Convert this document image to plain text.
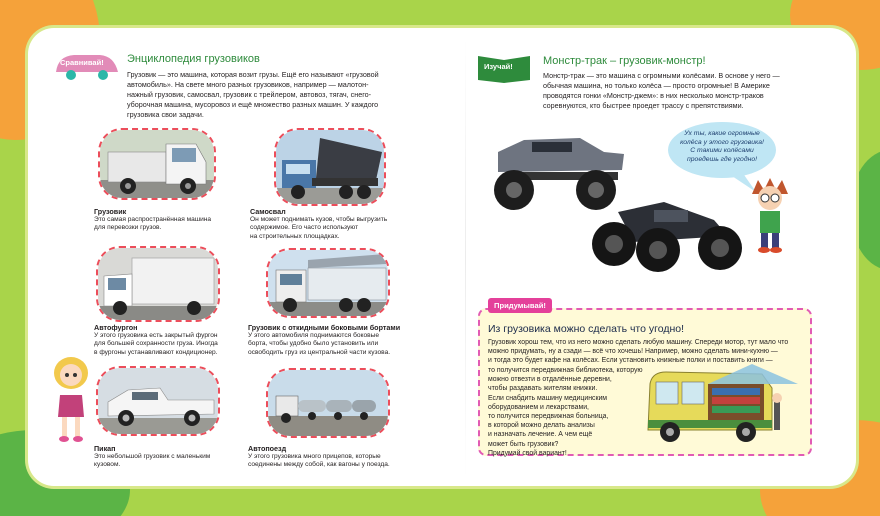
Сравнивай! Энциклопедия грузовиков
Грузовик — это машина, которая возит грузы. Ещё его называют «грузовой
автомобиль». На свете много разных грузовиков, например — малотон-
нажный грузовик, самосвал, грузовик с трейлером, автовоз, тягач, снего-
уборочная машина, мусоровоз и ещё множество разных машин. У каждого
грузовика свои задачи.
Грузовик
Это самая распространённая машина
для перевозки грузов.
Самосвал
Он может поднимать кузов, чтобы выгрузить
содержимое. Его часто используют
на строительных площадках.
Автофургон
У этого грузовика есть закрытый фургон
для большей сохранности груза. Иногда
в фургоны устанавливают кондиционер.
Грузовик с откидными боковыми бортами
У этого автомобиля поднимаются боковые
борта, чтобы удобно было установить или
освободить груз из центральной части кузова.
Пикап
Это небольшой грузовик с маленьким
кузовом.
Автопоезд
У этого грузовика много прицепов, которые
соединены между собой, как вагоны у поезда.
Изучай!	Монстр-трак – грузовик-монстр!
Монстр-трак — это машина с огромными колёсами. В основе у него —
обычная машина, но только колёса — просто огромные! В Америке
проводятся гонки «Монстр-джем»: в них несколько монстр-траков
соревнуются, кто быстрее проедет трассу с препятствиями.
Ух ты, какие огромные
колёса у этого грузовика!
С такими колёсами
проедешь где угодно!
Придумывай!
Из грузовика можно сделать что угодно!
Грузовик хорош тем, что из него можно сделать любую машину. Спереди мотор, тут мало что
можно придумать, ну а сзади — всё что хочешь! Например, можно сделать мини-кухню —
и тогда это будет кафе на колёсах. Если установить книжные полки и поставить книги —
то получится передвижная библиотека, которую
можно отвезти в отдалённые деревни,
чтобы раздавать жителям книжки.
Если снабдить машину медицинским
оборудованием и лекарствами,
то получится передвижная больница,
в которой можно делать анализы
и назначать лечение. А чем ещё
может быть грузовик?
Придумай свой вариант!
